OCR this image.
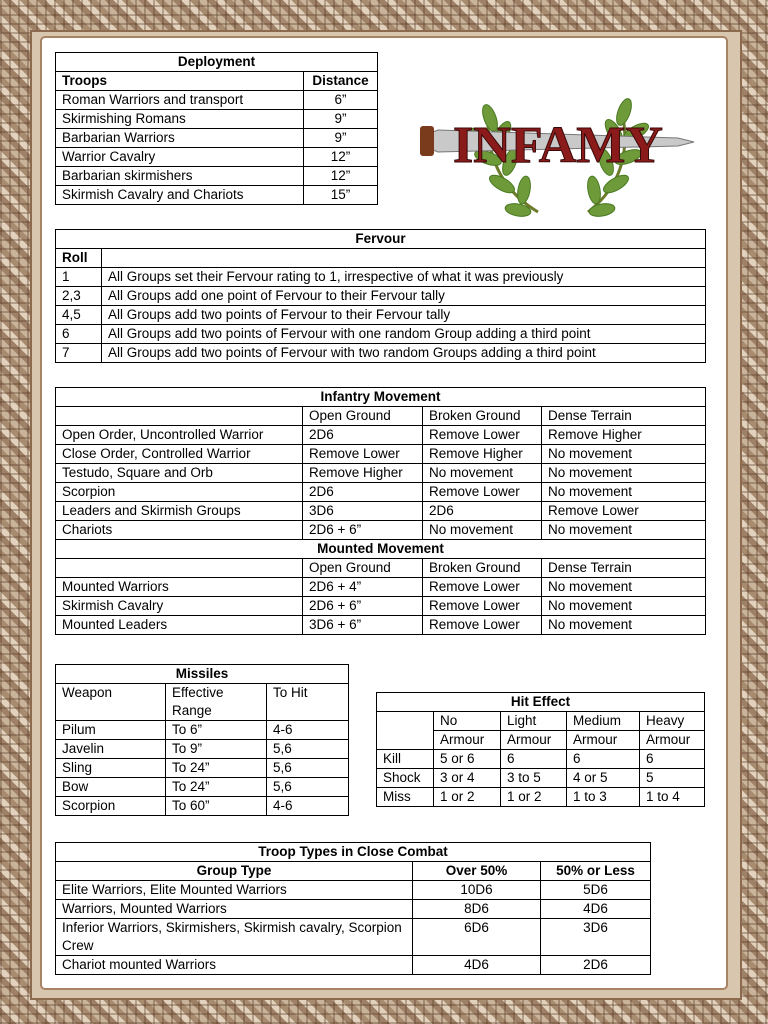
Deployment	
Troops	Distance
Roman Warriors and transport	6”
Skirmishing Romans	9”
Barbarian Warriors	9”
Warrior Cavalry	12”
Barbarian skirmishers	12”
Skirmish Cavalry and Chariots	15”
INFAMY
Fervour	
Roll	
1	All Groups set their Fervour rating to 1, irrespective of what it was previously
2,3	All Groups add one point of Fervour to their Fervour tally
4,5	All Groups add two points of Fervour to their Fervour tally
6	All Groups add two points of Fervour with one random Group adding a third point
7	All Groups add two points of Fervour with two random Groups adding a third point
Infantry Movement			
	Open Ground	Broken Ground	Dense Terrain
Open Order, Uncontrolled Warrior	2D6	Remove Lower	Remove Higher
Close Order, Controlled Warrior	Remove Lower	Remove Higher	No movement
Testudo, Square and Orb	Remove Higher	No movement	No movement
Scorpion	2D6	Remove Lower	No movement
Leaders and Skirmish Groups	3D6	2D6	Remove Lower
Chariots	2D6 + 6”	No movement	No movement
Mounted Movement			
	Open Ground	Broken Ground	Dense Terrain
Mounted Warriors	2D6 + 4”	Remove Lower	No movement
Skirmish Cavalry	2D6 + 6”	Remove Lower	No movement
Mounted Leaders	3D6 + 6”	Remove Lower	No movement
Missiles		
Weapon	Effective Range	To Hit
Pilum	To 6”	4-6
Javelin	To 9”	5,6
Sling	To 24”	5,6
Bow	To 24”	5,6
Scorpion	To 60”	4-6
Hit Effect				
	No	Light	Medium	Heavy
	Armour	Armour	Armour	Armour
Kill	5 or 6	6	6	6
Shock	3 or 4	3 to 5	4 or 5	5
Miss	1 or 2	1 or 2	1 to 3	1 to 4
Troop Types in Close Combat		
Group Type	Over 50%	50% or Less
Elite Warriors, Elite Mounted Warriors	10D6	5D6
Warriors, Mounted Warriors	8D6	4D6
Inferior Warriors, Skirmishers, Skirmish cavalry, Scorpion Crew	6D6	3D6
Chariot mounted Warriors	4D6	2D6
